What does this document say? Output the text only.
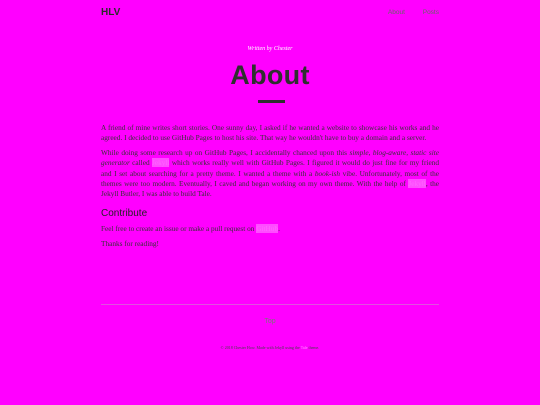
HLV	About	Posts
Written by Chester
About

A friend of mine writes short stories. One sunny day, I asked if he wanted a website to showcase his works and he agreed. I decided to use GitHub Pages to host his site. That way he wouldn't have to buy a domain and a server.

While doing some research up on GitHub Pages, I accidentally chanced upon this simple, blog-aware, static site generator called Jekyll which works really well with GitHub Pages. I figured it would do just fine for my friend and I set about searching for a pretty theme. I wanted a theme with a book-ish vibe. Unfortunately, most of the themes were too modern. Eventually, I caved and began working on my own theme. With the help of Jekyll, the Jekyll Butler, I was able to build Tale.

Contribute

Feel free to create an issue or make a pull request on GitHub.

Thanks for reading!

Top
© 2018 Chester How. Made with Jekyll using the Tale theme.
